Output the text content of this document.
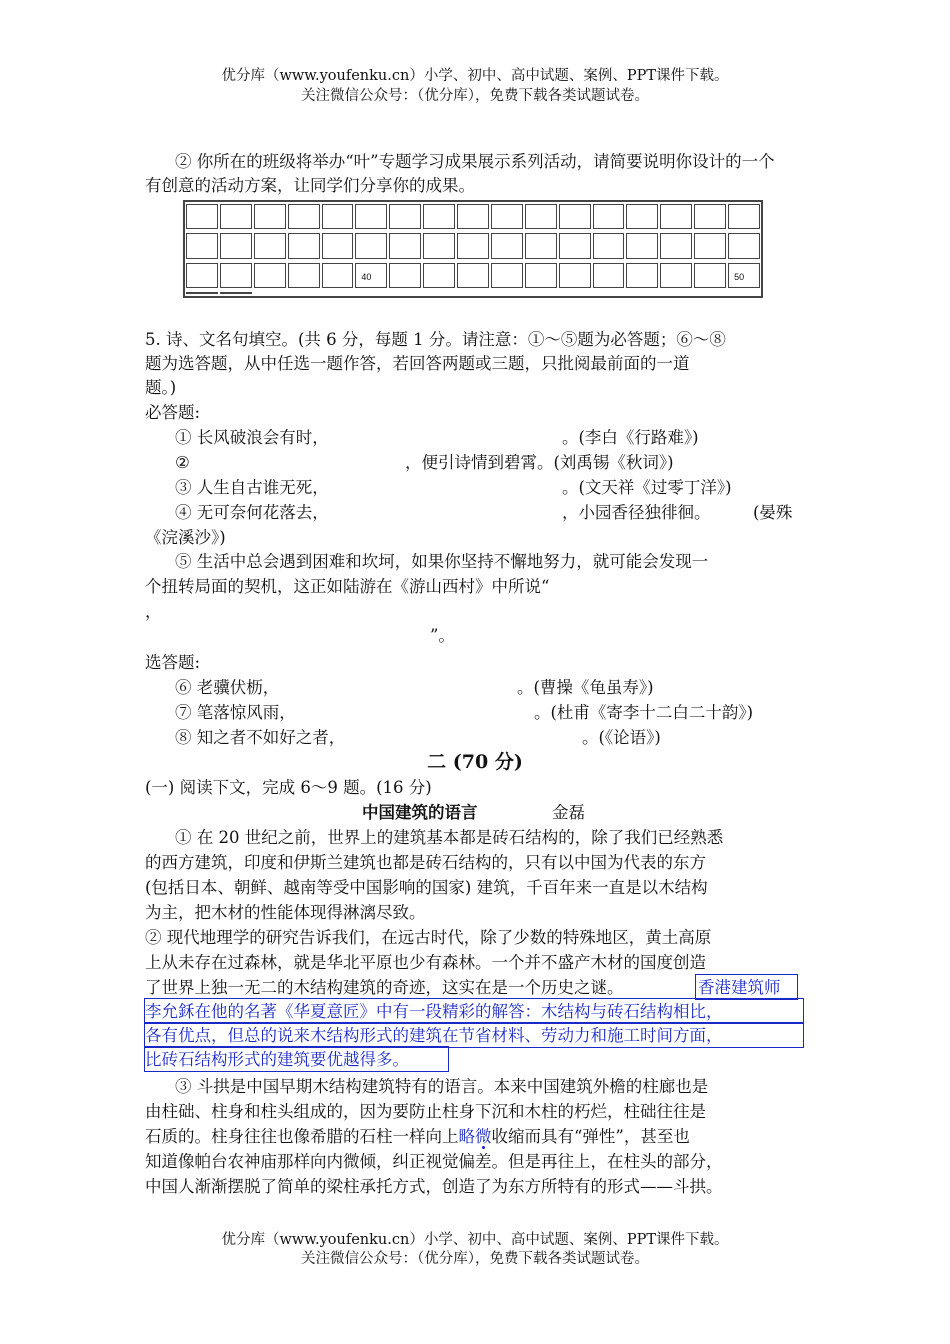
优分库（www.youfenku.cn）小学、初中、高中试题、案例、PPT课件下载。
关注微信公众号：（优分库），免费下载各类试题试卷。
② 你所在的班级将举办“叶”专题学习成果展示系列活动，请简要说明你设计的一个
有创意的活动方案，让同学们分享你的成果。
40	50
5. 诗、文名句填空。(共 6 分，每题 1 分。请注意：①～⑤题为必答题；⑥～⑧
题为选答题，从中任选一题作答，若回答两题或三题，只批阅最前面的一道
题。)
必答题:
① 长风破浪会有时，	。(李白《行路难》)
②	，便引诗情到碧霄。(刘禹锡《秋词》)
③ 人生自古谁无死，	。(文天祥《过零丁洋》)
④ 无可奈何花落去，	，小园香径独徘徊。	(晏殊
《浣溪沙》)
⑤ 生活中总会遇到困难和坎坷，如果你坚持不懈地努力，就可能会发现一
个扭转局面的契机，这正如陆游在《游山西村》中所说“
，
”。
选答题:
⑥ 老骥伏枥，	。(曹操《龟虽寿》)
⑦ 笔落惊风雨，	。(杜甫《寄李十二白二十韵》)
⑧ 知之者不如好之者，	。(《论语》)
二 (70 分)
(一) 阅读下文，完成 6～9 题。(16 分)
中国建筑的语言	金磊
① 在 20 世纪之前，世界上的建筑基本都是砖石结构的，除了我们已经熟悉
的西方建筑，印度和伊斯兰建筑也都是砖石结构的，只有以中国为代表的东方
(包括日本、朝鲜、越南等受中国影响的国家) 建筑，千百年来一直是以木结构
为主，把木材的性能体现得淋漓尽致。
② 现代地理学的研究告诉我们，在远古时代，除了少数的特殊地区，黄土高原
上从未存在过森林，就是华北平原也少有森林。一个并不盛产木材的国度创造
了世界上独一无二的木结构建筑的奇迹，这实在是一个历史之谜。	香港建筑师
李允鉌在他的名著《华夏意匠》中有一段精彩的解答：木结构与砖石结构相比，
各有优点，但总的说来木结构形式的建筑在节省材料、劳动力和施工时间方面，
比砖石结构形式的建筑要优越得多。
③ 斗拱是中国早期木结构建筑特有的语言。本来中国建筑外檐的柱廊也是
由柱础、柱身和柱头组成的，因为要防止柱身下沉和木柱的朽烂，柱础往往是
石质的。柱身往往也像希腊的石柱一样向上略微收缩而具有“弹性”，甚至也
知道像帕台农神庙那样向内微倾，纠正视觉偏差。但是再往上，在柱头的部分，
中国人渐渐摆脱了简单的梁柱承托方式，创造了为东方所特有的形式——斗拱。
优分库（www.youfenku.cn）小学、初中、高中试题、案例、PPT课件下载。
关注微信公众号：（优分库），免费下载各类试题试卷。
